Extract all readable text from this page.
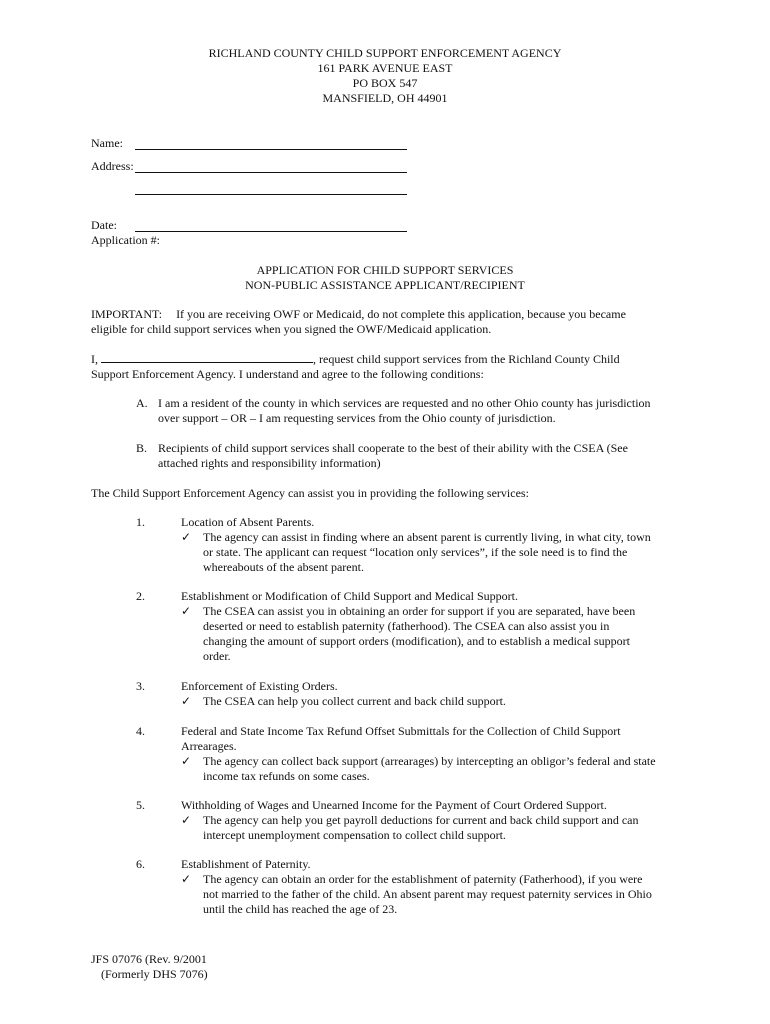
RICHLAND COUNTY CHILD SUPPORT ENFORCEMENT AGENCY
161 PARK AVENUE EAST
PO BOX 547
MANSFIELD, OH 44901
Name:
Address:
Date:
Application #:
APPLICATION FOR CHILD SUPPORT SERVICES
NON-PUBLIC ASSISTANCE APPLICANT/RECIPIENT
IMPORTANT: If you are receiving OWF or Medicaid, do not complete this application, because you became
eligible for child support services when you signed the OWF/Medicaid application.
I,	, request child support services from the Richland County Child
Support Enforcement Agency. I understand and agree to the following conditions:
A. I am a resident of the county in which services are requested and no other Ohio county has jurisdiction
over support – OR – I am requesting services from the Ohio county of jurisdiction.
B. Recipients of child support services shall cooperate to the best of their ability with the CSEA (See
attached rights and responsibility information)
The Child Support Enforcement Agency can assist you in providing the following services:
1.	Location of Absent Parents.
✓ The agency can assist in finding where an absent parent is currently living, in what city, town
or state. The applicant can request “location only services”, if the sole need is to find the
whereabouts of the absent parent.
2.	Establishment or Modification of Child Support and Medical Support.
✓ The CSEA can assist you in obtaining an order for support if you are separated, have been
deserted or need to establish paternity (fatherhood). The CSEA can also assist you in
changing the amount of support orders (modification), and to establish a medical support
order.
3.	Enforcement of Existing Orders.
✓ The CSEA can help you collect current and back child support.
4.	Federal and State Income Tax Refund Offset Submittals for the Collection of Child Support
Arrearages.
✓ The agency can collect back support (arrearages) by intercepting an obligor’s federal and state
income tax refunds on some cases.
5.	Withholding of Wages and Unearned Income for the Payment of Court Ordered Support.
✓ The agency can help you get payroll deductions for current and back child support and can
intercept unemployment compensation to collect child support.
6.	Establishment of Paternity.
✓ The agency can obtain an order for the establishment of paternity (Fatherhood), if you were
not married to the father of the child. An absent parent may request paternity services in Ohio
until the child has reached the age of 23.
JFS 07076 (Rev. 9/2001
(Formerly DHS 7076)
